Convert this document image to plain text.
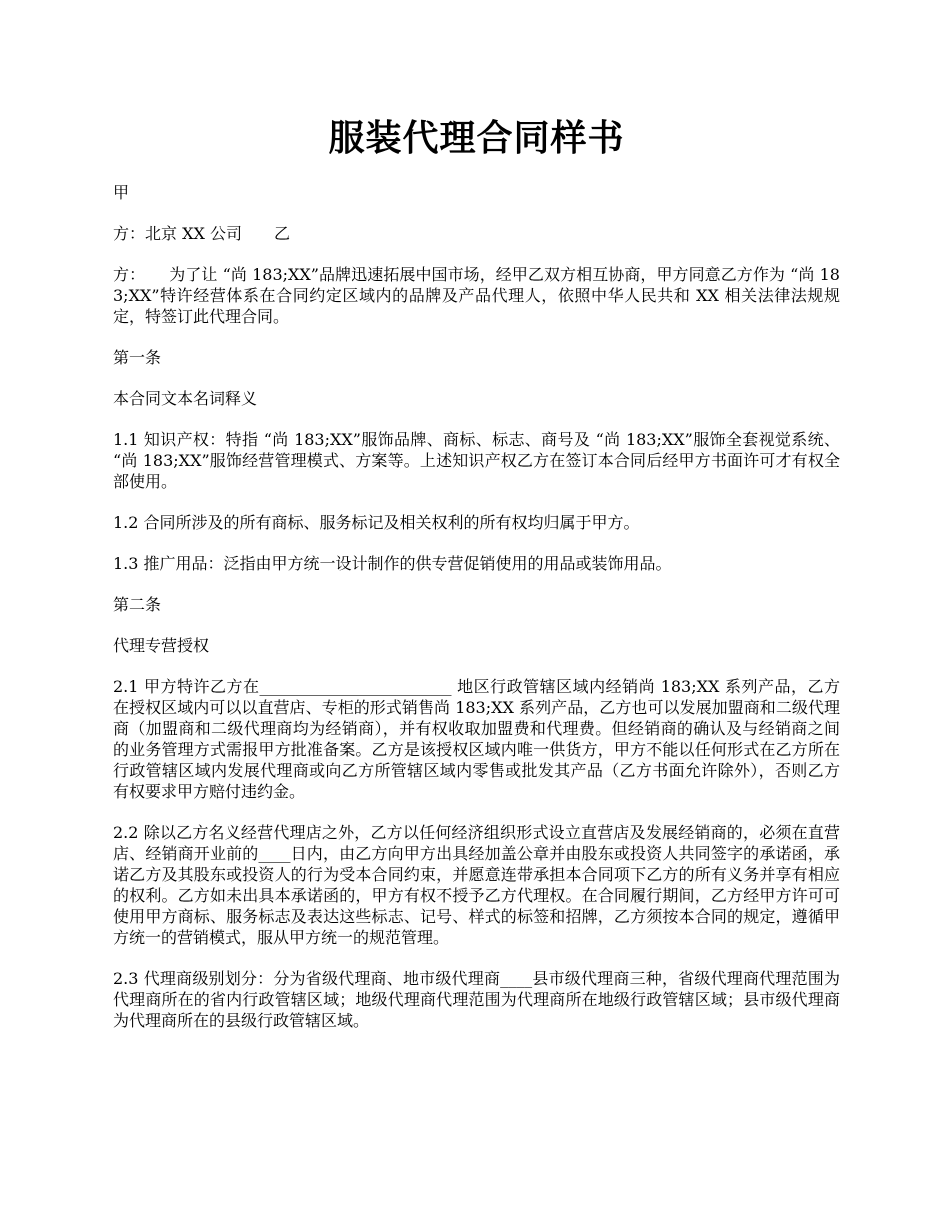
服装代理合同样书

甲

方：北京 XX 公司　　乙

方：　　为了让 “尚 183;XX”品牌迅速拓展中国市场，经甲乙双方相互协商，甲方同意乙方作为 “尚 183;XX”特许经营体系在合同约定区域内的品牌及产品代理人，依照中华人民共和 XX 相关法律法规规定，特签订此代理合同。

第一条

本合同文本名词释义

1.1 知识产权：特指 “尚 183;XX”服饰品牌、商标、标志、商号及 “尚 183;XX”服饰全套视觉系统、 “尚 183;XX”服饰经营管理模式、方案等。上述知识产权乙方在签订本合同后经甲方书面许可才有权全部使用。

1.2 合同所涉及的所有商标、服务标记及相关权利的所有权均归属于甲方。

1.3 推广用品：泛指由甲方统一设计制作的供专营促销使用的用品或装饰用品。

第二条

代理专营授权

2.1 甲方特许乙方在________________________ 地区行政管辖区域内经销尚 183;XX 系列产品，乙方在授权区域内可以以直营店、专柜的形式销售尚 183;XX 系列产品，乙方也可以发展加盟商和二级代理商（加盟商和二级代理商均为经销商），并有权收取加盟费和代理费。但经销商的确认及与经销商之间的业务管理方式需报甲方批准备案。乙方是该授权区域内唯一供货方，甲方不能以任何形式在乙方所在行政管辖区域内发展代理商或向乙方所管辖区域内零售或批发其产品（乙方书面允许除外），否则乙方有权要求甲方赔付违约金。

2.2 除以乙方名义经营代理店之外，乙方以任何经济组织形式设立直营店及发展经销商的，必须在直营店、经销商开业前的____日内，由乙方向甲方出具经加盖公章并由股东或投资人共同签字的承诺函，承诺乙方及其股东或投资人的行为受本合同约束，并愿意连带承担本合同项下乙方的所有义务并享有相应的权利。乙方如未出具本承诺函的，甲方有权不授予乙方代理权。在合同履行期间，乙方经甲方许可可使用甲方商标、服务标志及表达这些标志、记号、样式的标签和招牌，乙方须按本合同的规定，遵循甲方统一的营销模式，服从甲方统一的规范管理。

2.3 代理商级别划分：分为省级代理商、地市级代理商____县市级代理商三种，省级代理商代理范围为代理商所在的省内行政管辖区域；地级代理商代理范围为代理商所在地级行政管辖区域；县市级代理商为代理商所在的县级行政管辖区域。
